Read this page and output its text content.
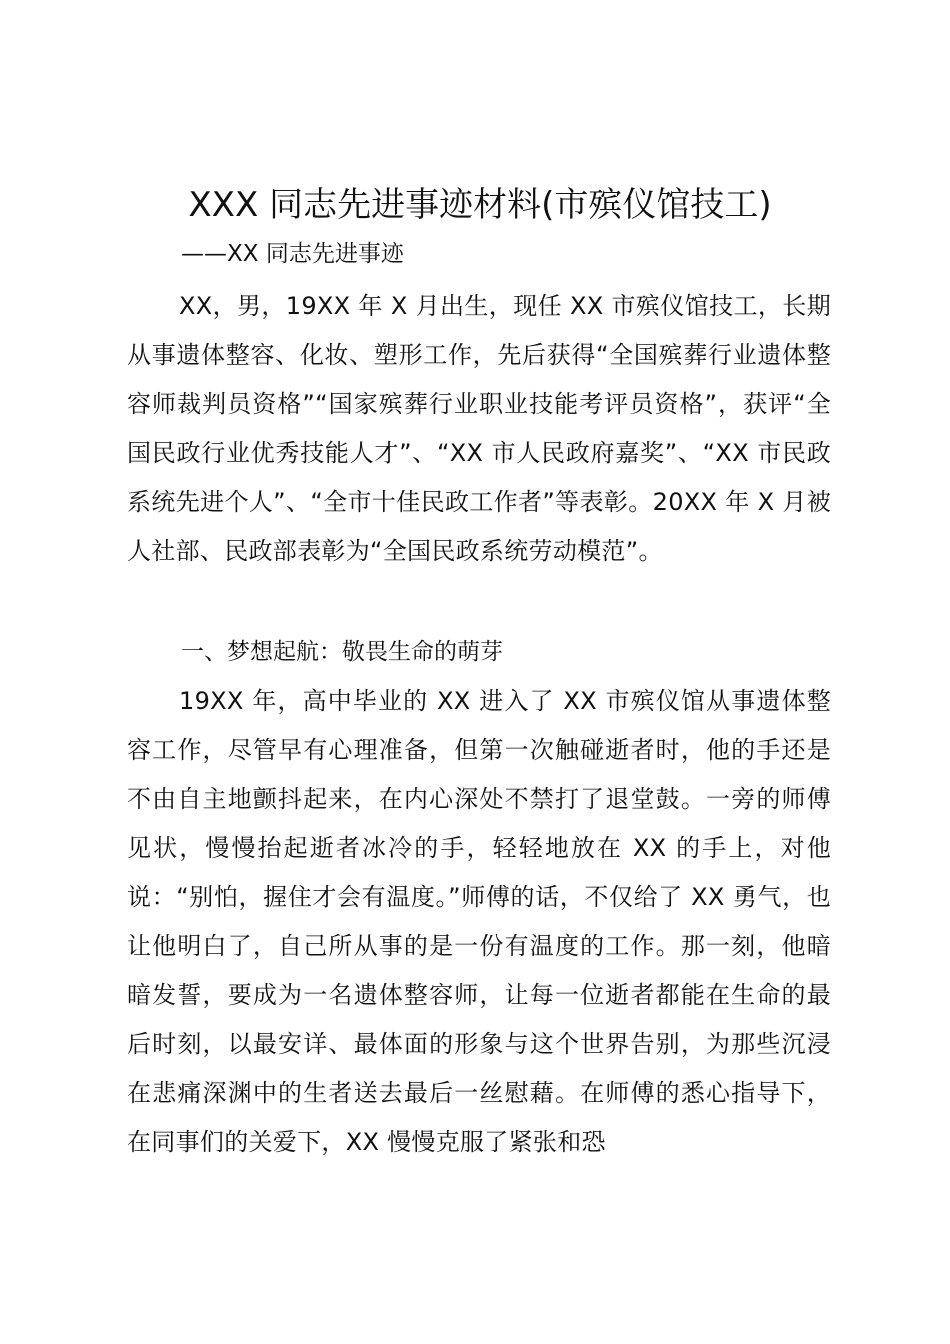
XXX 同志先进事迹材料(市殡仪馆技工)

——XX 同志先进事迹

XX，男，19XX 年 X 月出生，现任 XX 市殡仪馆技工，长期从事遗体整容、化妆、塑形工作，先后获得“全国殡葬行业遗体整容师裁判员资格”“国家殡葬行业职业技能考评员资格”，获评“全国民政行业优秀技能人才”、“XX 市人民政府嘉奖”、“XX 市民政系统先进个人”、“全市十佳民政工作者”等表彰。20XX 年 X 月被人社部、民政部表彰为“全国民政系统劳动模范”。

一、梦想起航：敬畏生命的萌芽

19XX 年，高中毕业的 XX 进入了 XX 市殡仪馆从事遗体整容工作，尽管早有心理准备，但第一次触碰逝者时，他的手还是不由自主地颤抖起来，在内心深处不禁打了退堂鼓。一旁的师傅见状，慢慢抬起逝者冰冷的手，轻轻地放在 XX 的手上，对他说：“别怕，握住才会有温度。”师傅的话，不仅给了 XX 勇气，也让他明白了，自己所从事的是一份有温度的工作。那一刻，他暗暗发誓，要成为一名遗体整容师，让每一位逝者都能在生命的最后时刻，以最安详、最体面的形象与这个世界告别，为那些沉浸在悲痛深渊中的生者送去最后一丝慰藉。在师傅的悉心指导下，在同事们的关爱下，XX 慢慢克服了紧张和恐
